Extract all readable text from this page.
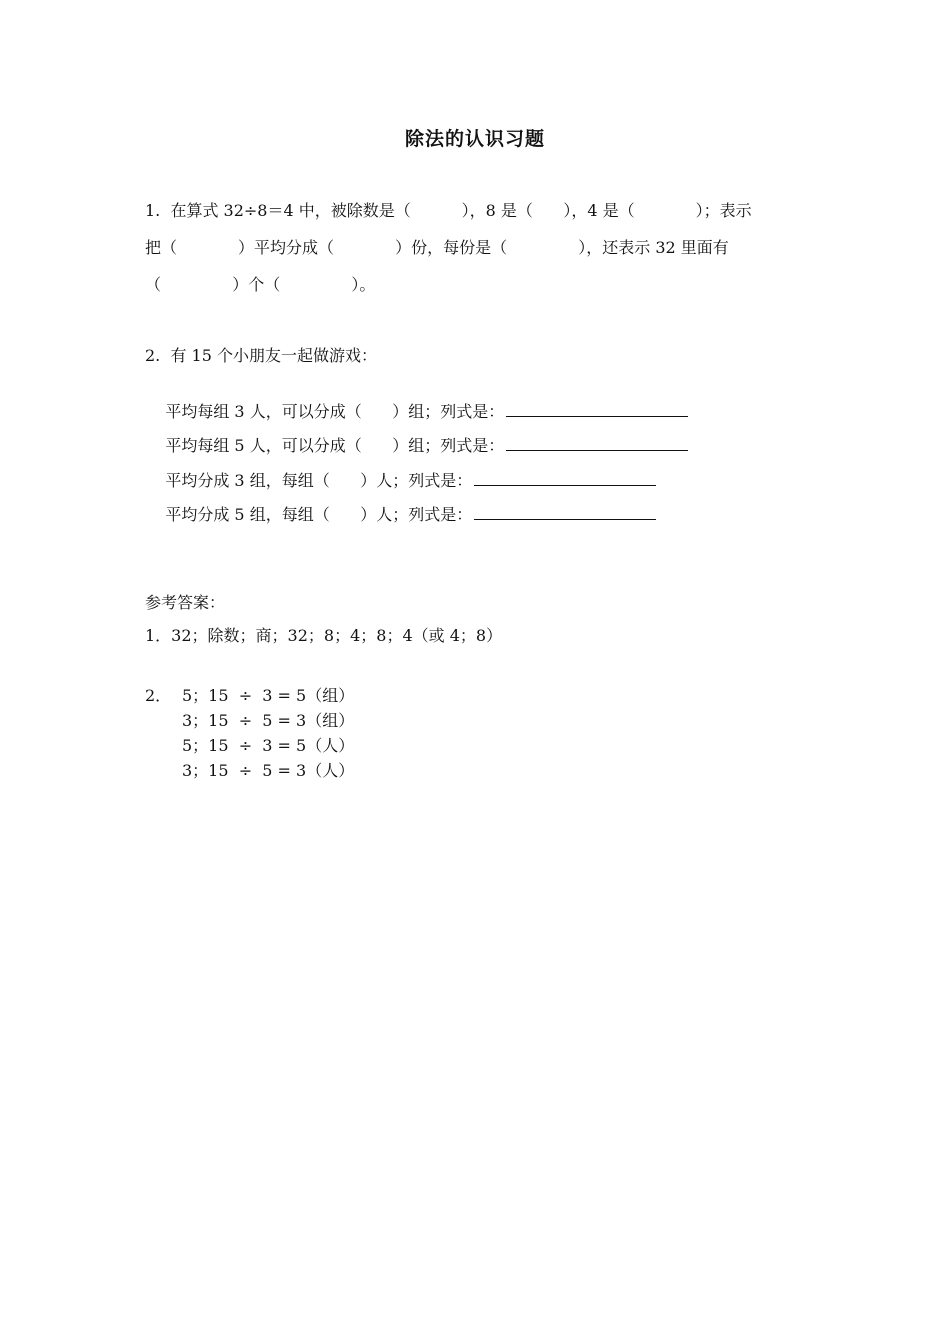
除法的认识习题
1.  在算式 32÷8＝4 中，被除数是（          ），8 是（      ），4 是（            ）；表示
把（            ）平均分成（            ）份，每份是（              ），还表示 32 里面有
（              ）个（              ）。
2.  有 15 个小朋友一起做游戏：

平均每组 3 人，可以分成（      ）组；列式是：

平均每组 5 人，可以分成（      ）组；列式是：

平均分成 3 组，每组（      ）人；列式是：

平均分成 5 组，每组（      ）人；列式是：

参考答案：
1．32；除数；商；32；8；4；8；4（或 4；8）
2． 5；15  ÷  3 = 5（组）
3；15  ÷  5 = 3（组）
5；15  ÷  3 = 5（人）
3；15  ÷  5 = 3（人）
